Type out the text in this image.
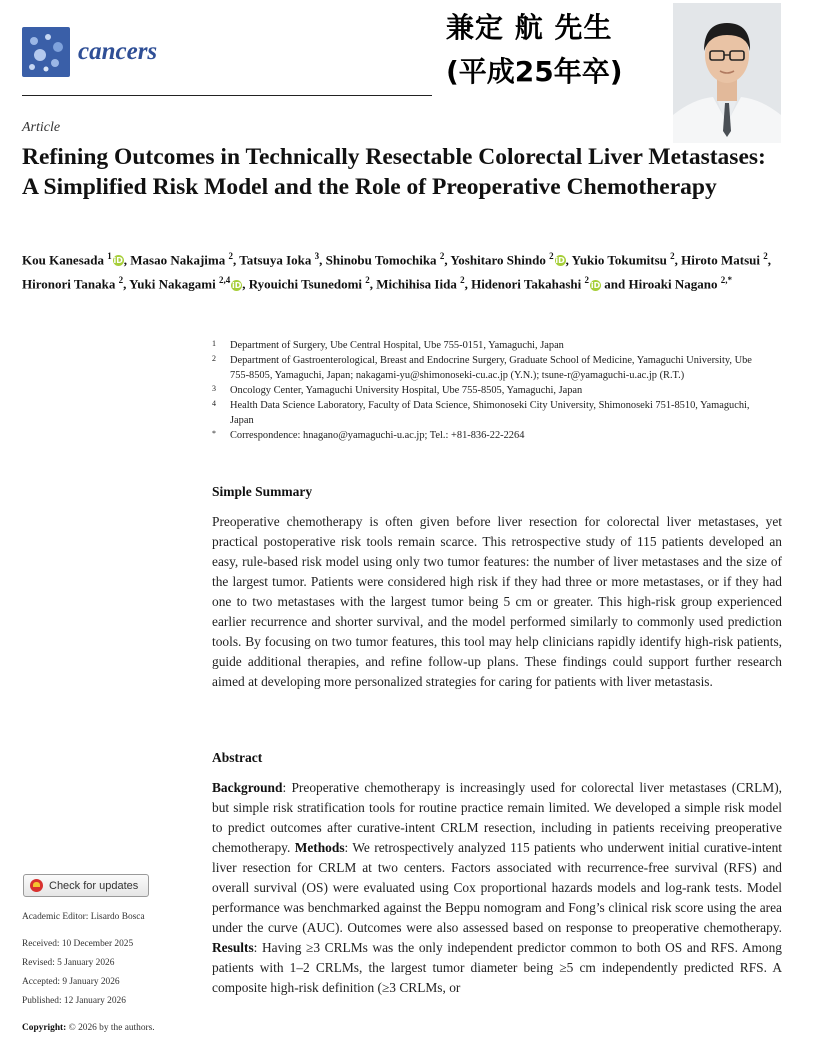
cancers
兼定 航 先生
(平成25年卒)
Article
Refining Outcomes in Technically Resectable Colorectal Liver Metastases: A Simplified Risk Model and the Role of Preoperative Chemotherapy
Kou Kanesada $^1$ iD, Masao Nakajima $^2$, Tatsuya Ioka $^3$, Shinobu Tomochika $^2$, Yoshitaro Shindo $^2$ iD, Yukio Tokumitsu $^2$, Hiroto Matsui $^2$, Hironori Tanaka $^2$, Yuki Nakagami $^{2,4}$ iD, Ryouichi Tsunedomi $^2$, Michihisa Iida $^2$, Hidenori Takahashi $^2$ iD and Hiroaki Nagano $^{2,*}$
1 Department of Surgery, Ube Central Hospital, Ube 755-0151, Yamaguchi, Japan
2 Department of Gastroenterological, Breast and Endocrine Surgery, Graduate School of Medicine, Yamaguchi University, Ube 755-8505, Yamaguchi, Japan; nakagami-yu@shimonoseki-cu.ac.jp (Y.N.); tsune-r@yamaguchi-u.ac.jp (R.T.)
3 Oncology Center, Yamaguchi University Hospital, Ube 755-8505, Yamaguchi, Japan
4 Health Data Science Laboratory, Faculty of Data Science, Shimonoseki City University, Shimonoseki 751-8510, Yamaguchi, Japan
* Correspondence: hnagano@yamaguchi-u.ac.jp; Tel.: +81-836-22-2264
Simple Summary
Preoperative chemotherapy is often given before liver resection for colorectal liver metastases, yet practical postoperative risk tools remain scarce. This retrospective study of 115 patients developed an easy, rule-based risk model using only two tumor features: the number of liver metastases and the size of the largest tumor. Patients were considered high risk if they had three or more metastases, or if they had one to two metastases with the largest tumor being 5 cm or greater. This high-risk group experienced earlier recurrence and shorter survival, and the model performed similarly to commonly used prediction tools. By focusing on two tumor features, this tool may help clinicians rapidly identify high-risk patients, guide additional therapies, and refine follow-up plans. These findings could support further research aimed at developing more personalized strategies for caring for patients with liver metastasis.
Abstract
Background: Preoperative chemotherapy is increasingly used for colorectal liver metastases (CRLM), but simple risk stratification tools for routine practice remain limited. We developed a simple risk model to predict outcomes after curative-intent CRLM resection, including in patients receiving preoperative chemotherapy. Methods: We retrospectively analyzed 115 patients who underwent initial curative-intent liver resection for CRLM at two centers. Factors associated with recurrence-free survival (RFS) and overall survival (OS) were evaluated using Cox proportional hazards models and log-rank tests. Model performance was benchmarked against the Beppu nomogram and Fong’s clinical risk score using the area under the curve (AUC). Outcomes were also assessed based on response to preoperative chemotherapy. Results: Having ≥3 CRLMs was the only independent predictor common to both OS and RFS. Among patients with 1–2 CRLMs, the largest tumor diameter being ≥5 cm independently predicted RFS. A composite high-risk definition (≥3 CRLMs, or
Check for updates
Academic Editor: Lisardo Bosca
Received: 10 December 2025
Revised: 5 January 2026
Accepted: 9 January 2026
Published: 12 January 2026
Copyright: © 2026 by the authors.
